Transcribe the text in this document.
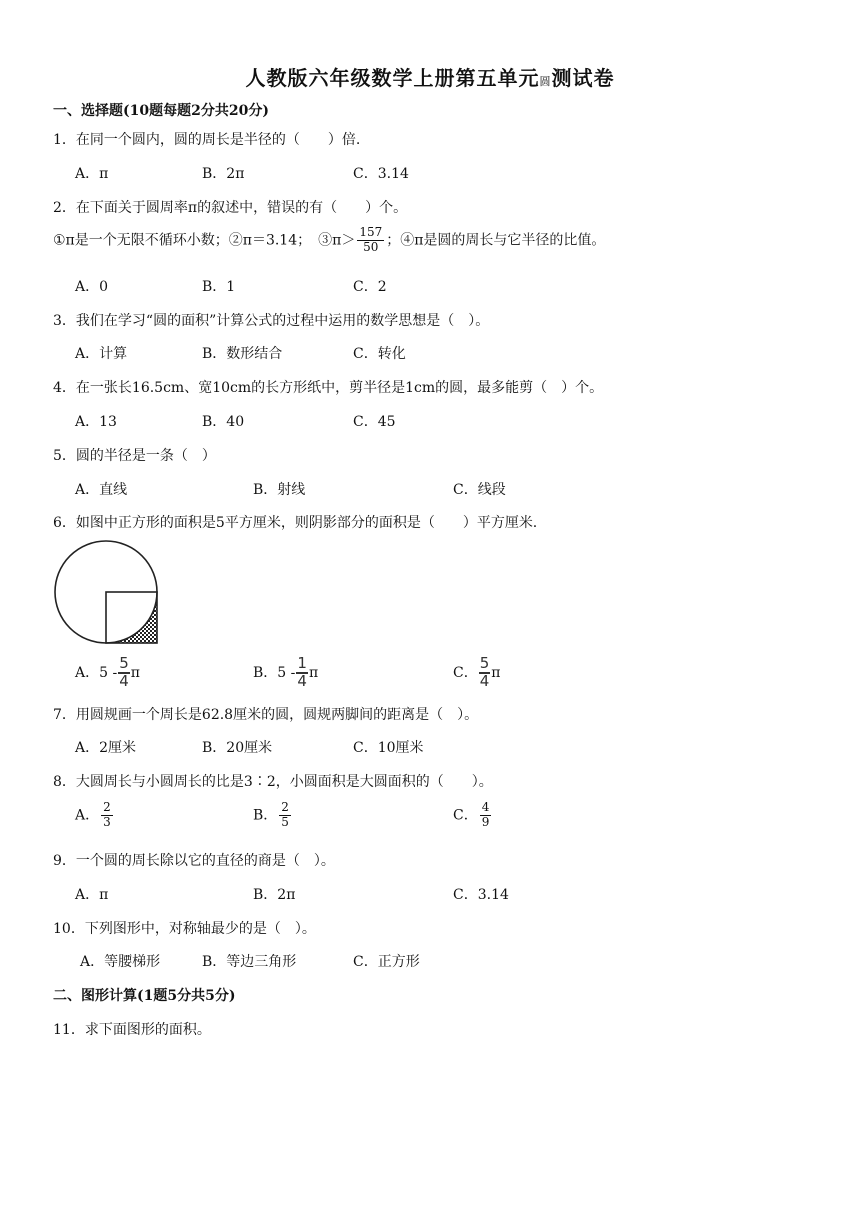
人教版六年级数学上册第五单元圆测试卷
一、选择题(10题每题2分共20分)
1．在同一个圆内，圆的周长是半径的（　　）倍.
A．π	B．2π	C．3.14
2．在下面关于圆周率π的叙述中，错误的有（　　）个。
①π是一个无限不循环小数；②π＝3.14；　③π＞ $\frac{157}{50}$ ；④π是圆的周长与它半径的比值。
A．0	B．1	C．2
3．我们在学习“圆的面积”计算公式的过程中运用的数学思想是（　）。
A．计算	B．数形结合	C．转化
4．在一张长16.5cm、宽10cm的长方形纸中，剪半径是1cm的圆，最多能剪（　）个。
A．13	B．40	C．45
5．圆的半径是一条（　）
A．直线	B．射线	C．线段
6．如图中正方形的面积是5平方厘米，则阴影部分的面积是（　　）平方厘米.
A．$5 - \frac{5}{4}$ π	B．$5 - \frac{1}{4}$ π	C． $\frac{5}{4}$ π
7．用圆规画一个周长是62.8厘米的圆，圆规两脚间的距离是（　）。
A．2厘米	B．20厘米	C．10厘米
8．大圆周长与小圆周长的比是3∶2，小圆面积是大圆面积的（　　）。
A． $\frac{2}{3}$	B． $\frac{2}{5}$	C． $\frac{4}{9}$
9．一个圆的周长除以它的直径的商是（　）。
A．π	B．2π	C．3.14
10．下列图形中，对称轴最少的是（　）。
A．等腰梯形	B．等边三角形	C．正方形
二、图形计算(1题5分共5分)
11．求下面图形的面积。
